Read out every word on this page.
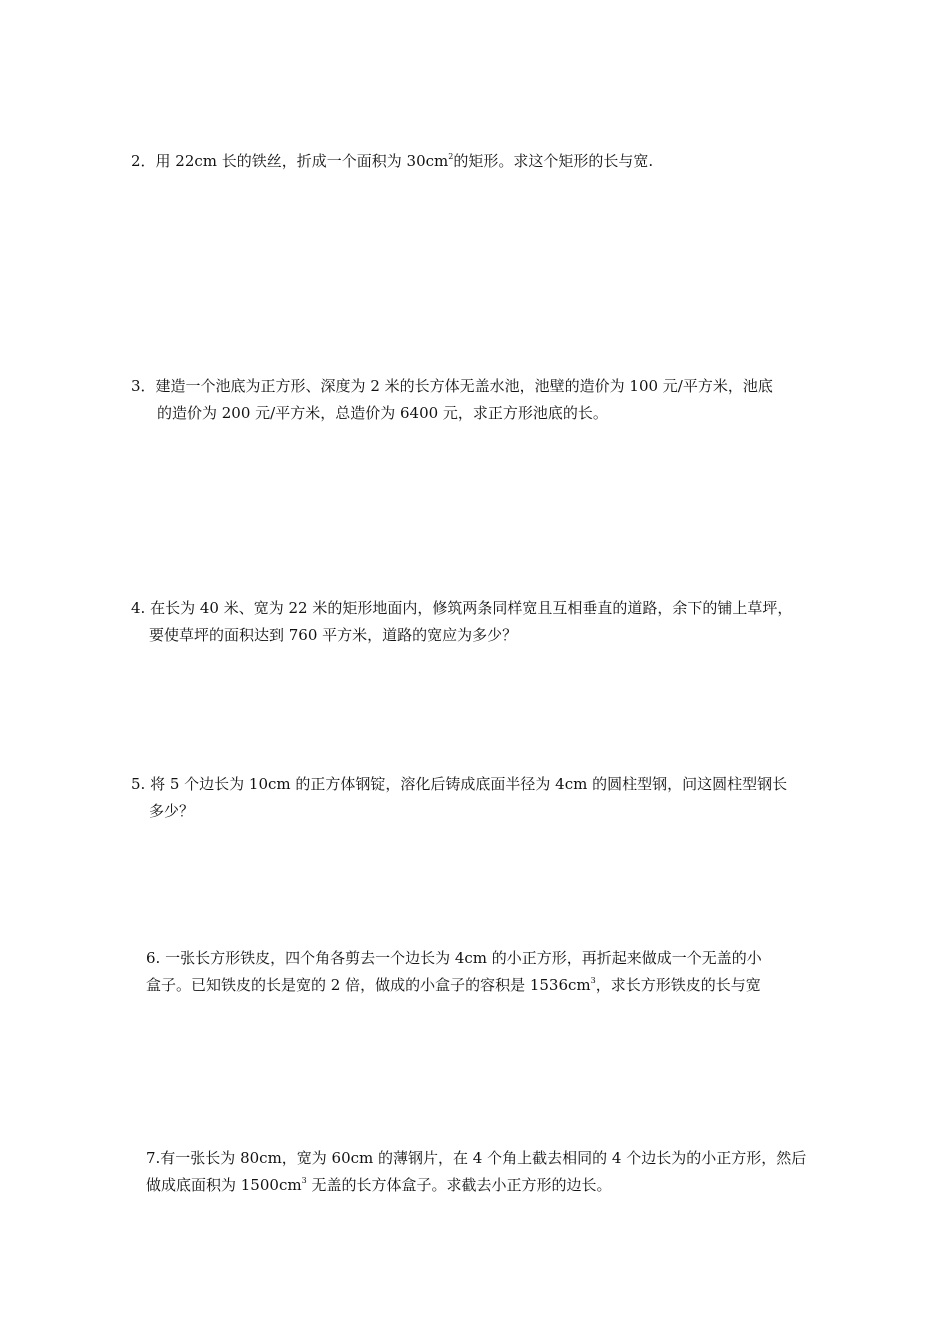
2．用 22cm 长的铁丝，折成一个面积为 $30cm^2$的矩形。求这个矩形的长与宽.
3．建造一个池底为正方形、深度为 2 米的长方体无盖水池，池壁的造价为 100 元/平方米，池底
的造价为 200 元/平方米，总造价为 6400 元，求正方形池底的长。
4. 在长为 40 米、宽为 22 米的矩形地面内，修筑两条同样宽且互相垂直的道路，余下的铺上草坪，
要使草坪的面积达到 760 平方米，道路的宽应为多少？
5. 将 5 个边长为 10cm 的正方体钢锭，溶化后铸成底面半径为 4cm 的圆柱型钢，问这圆柱型钢长
多少？
6. 一张长方形铁皮，四个角各剪去一个边长为 4cm 的小正方形，再折起来做成一个无盖的小
盒子。已知铁皮的长是宽的 2 倍，做成的小盒子的容积是 $1536cm^3$，求长方形铁皮的长与宽
7.有一张长为 80cm，宽为 60cm 的薄钢片，在 4 个角上截去相同的 4 个边长为的小正方形，然后
做成底面积为 $1500cm^3$ 无盖的长方体盒子。求截去小正方形的边长。
